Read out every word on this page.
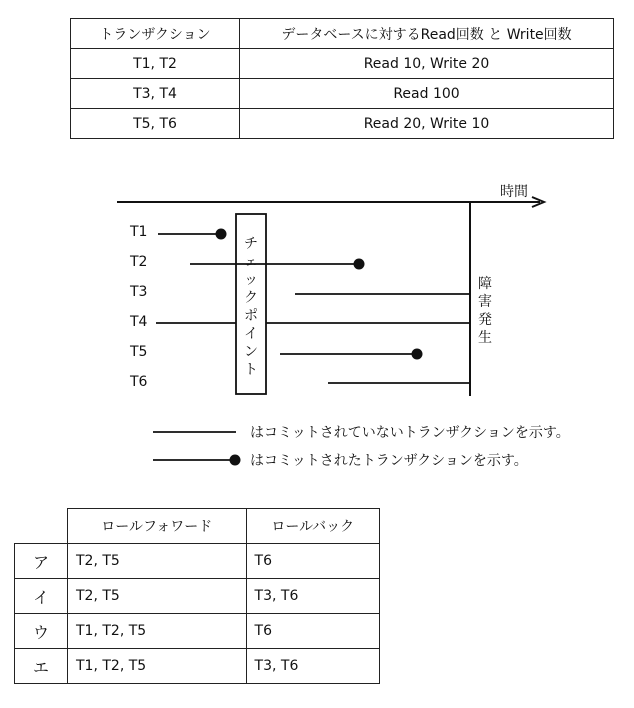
トランザクション	データベースに対するRead回数 と Write回数
T1, T2	Read 10, Write 20
T3, T4	Read 100
T5, T6	Read 20, Write 10
時間
障害発生
チェックポイント
T1
T2
T3
T4
T5
T6
はコミットされていないトランザクションを示す。
はコミットされたトランザクションを示す。
	ロールフォワード	ロールバック
ア	T2, T5	T6
イ	T2, T5	T3, T6
ウ	T1, T2, T5	T6
エ	T1, T2, T5	T3, T6
